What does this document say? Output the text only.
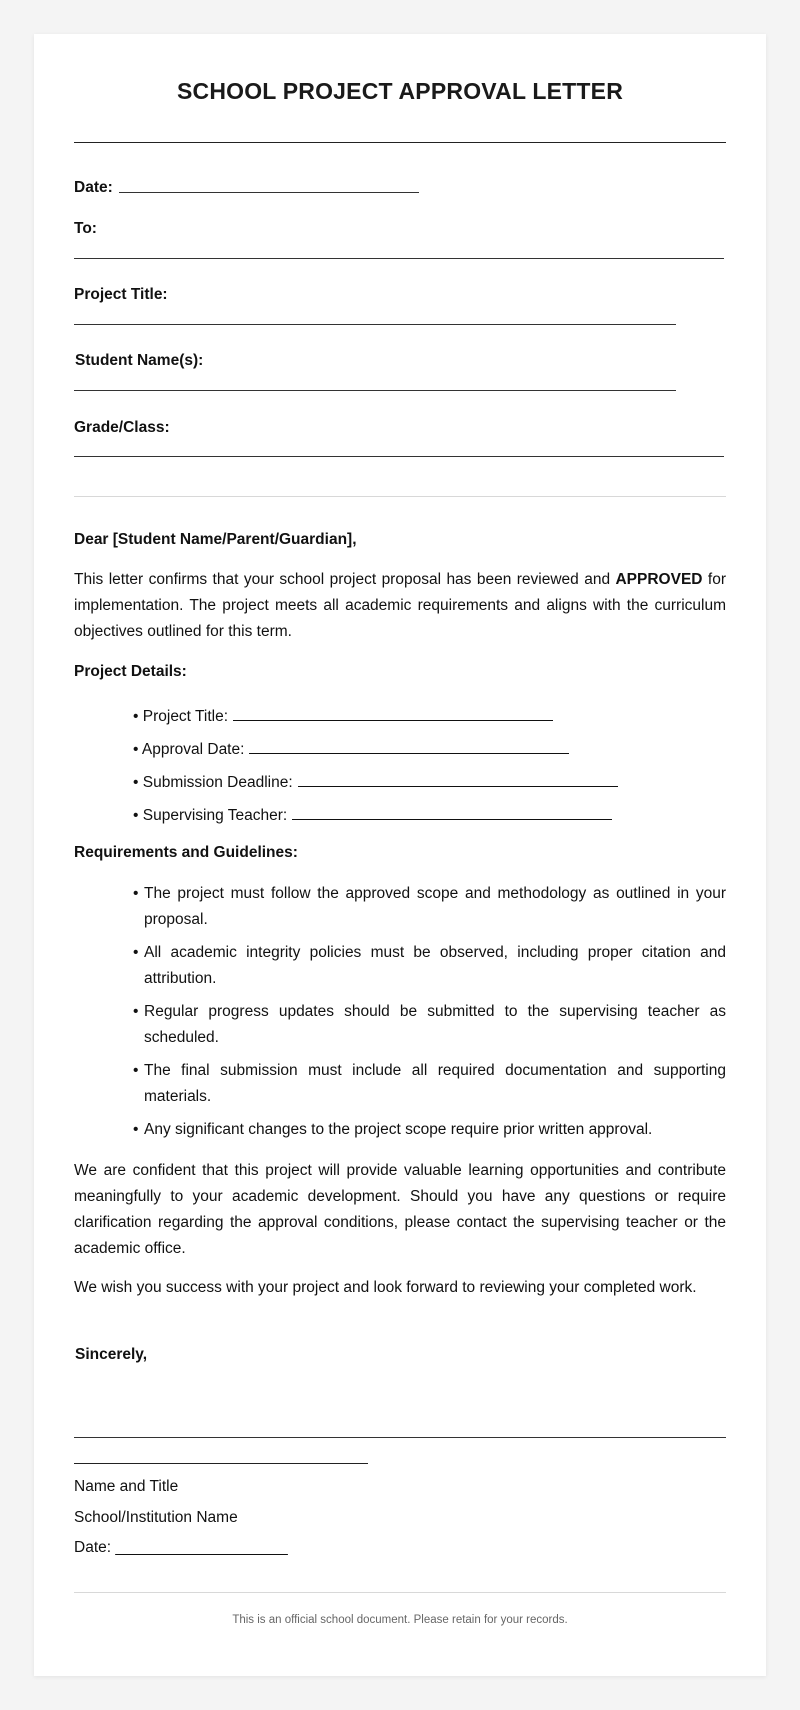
SCHOOL PROJECT APPROVAL LETTER
Date:
To:
Project Title:
Student Name(s):
Grade/Class:
Dear [Student Name/Parent/Guardian],
This letter confirms that your school project proposal has been reviewed and APPROVED for implementation. The project meets all academic requirements and aligns with the curriculum objectives outlined for this term.
Project Details:
• Project Title:
• Approval Date:
• Submission Deadline:
• Supervising Teacher:
Requirements and Guidelines:
• The project must follow the approved scope and methodology as outlined in your proposal.
• All academic integrity policies must be observed, including proper citation and attribution.
• Regular progress updates should be submitted to the supervising teacher as scheduled.
• The final submission must include all required documentation and supporting materials.
• Any significant changes to the project scope require prior written approval.
We are confident that this project will provide valuable learning opportunities and contribute meaningfully to your academic development. Should you have any questions or require clarification regarding the approval conditions, please contact the supervising teacher or the academic office.
We wish you success with your project and look forward to reviewing your completed work.
Sincerely,
Name and Title
School/Institution Name
Date: ____________________
This is an official school document. Please retain for your records.
